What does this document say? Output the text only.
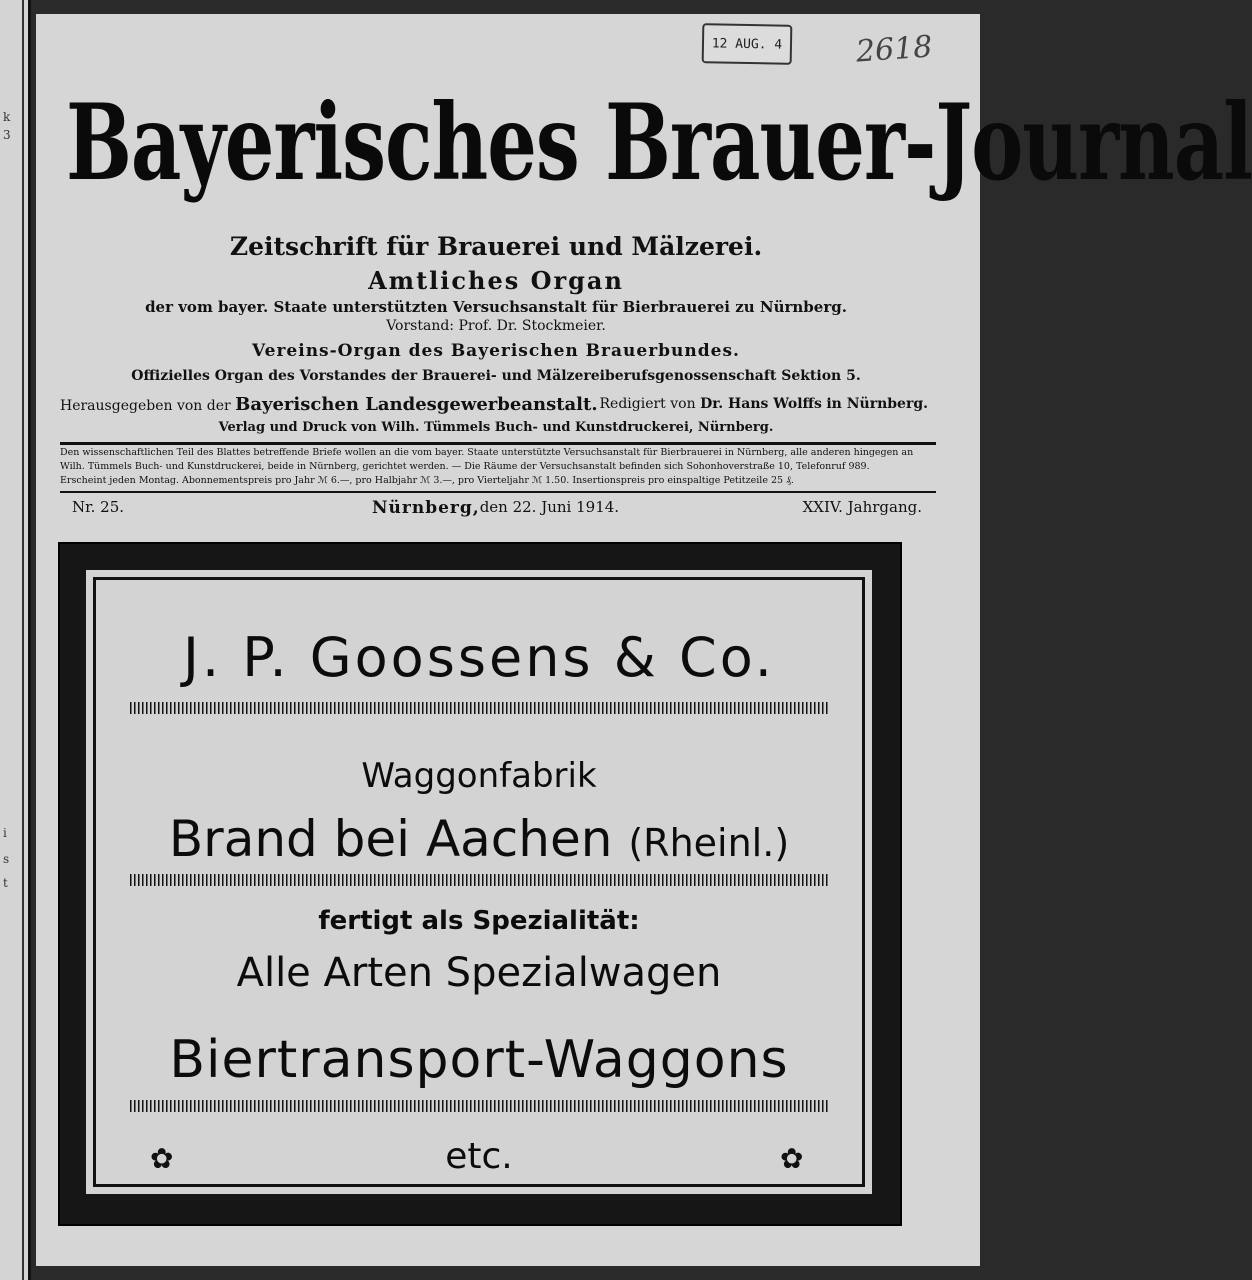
k
3
i
s
t
12 AUG. 4	2618
Bayerisches Brauer-Journal
Zeitschrift für Brauerei und Mälzerei.
Amtliches Organ
der vom bayer. Staate unterstützten Versuchsanstalt für Bierbrauerei zu Nürnberg.
Vorstand: Prof. Dr. Stockmeier.
Vereins-Organ des Bayerischen Brauerbundes.
Offizielles Organ des Vorstandes der Brauerei- und Mälzereiberufsgenossenschaft Sektion 5.
Herausgegeben von der Bayerischen Landesgewerbeanstalt. Redigiert von Dr. Hans Wolffs in Nürnberg.
Verlag und Druck von Wilh. Tümmels Buch- und Kunstdruckerei, Nürnberg.
Den wissenschaftlichen Teil des Blattes betreffende Briefe wollen an die vom bayer. Staate unterstützte Versuchsanstalt für Bierbrauerei in Nürnberg, alle anderen hingegen an
Wilh. Tümmels Buch- und Kunstdruckerei, beide in Nürnberg, gerichtet werden. — Die Räume der Versuchsanstalt befinden sich Sohonhoverstraße 10, Telefonruf 989.
Erscheint jeden Montag. Abonnementspreis pro Jahr ℳ 6.—, pro Halbjahr ℳ 3.—, pro Vierteljahr ℳ 1.50. Insertionspreis pro einspaltige Petitzeile 25 ₰.
Nr. 25.	Nürnberg, den 22. Juni 1914.	XXIV. Jahrgang.
J. P. Goossens & Co.
Waggonfabrik
Brand bei Aachen (Rheinl.)
fertigt als Spezialität:
Alle Arten Spezialwagen
Biertransport-Waggons
✿	etc.	✿
